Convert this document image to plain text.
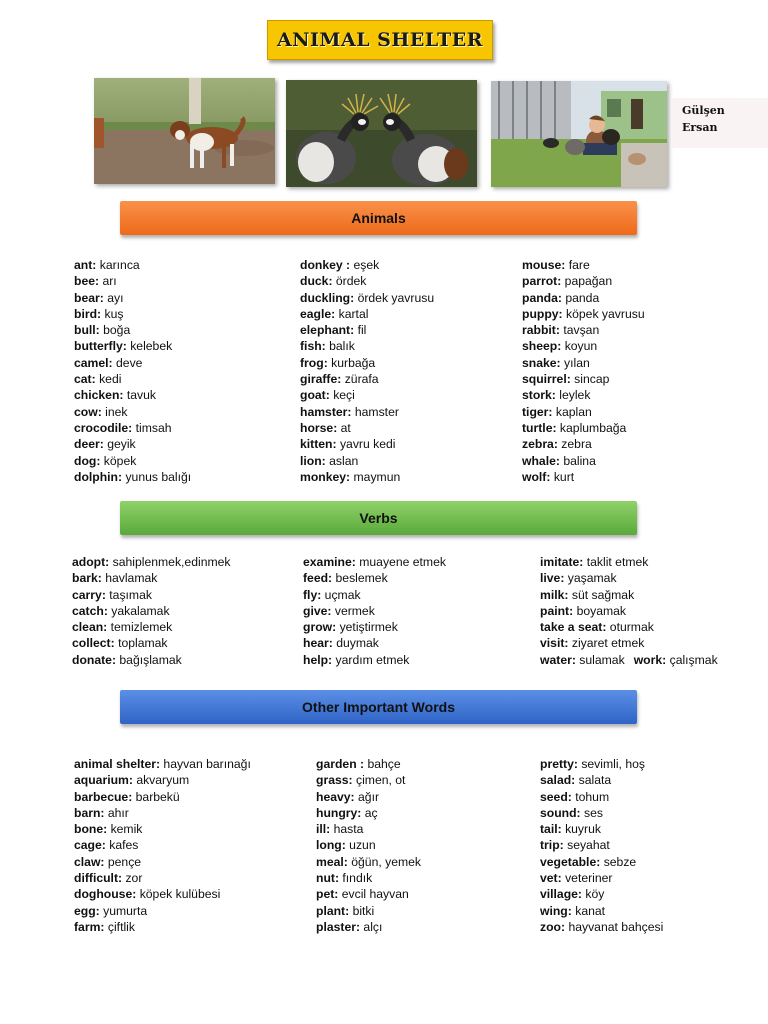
ANIMAL SHELTER
Gülşen
Ersan
Animals
ant: karınca
bee: arı
bear: ayı
bird: kuş
bull: boğa
butterfly: kelebek
camel: deve
cat: kedi
chicken: tavuk
cow: inek
crocodile: timsah
deer: geyik
dog: köpek
dolphin: yunus balığı
donkey : eşek
duck: ördek
duckling: ördek yavrusu
eagle: kartal
elephant: fil
fish: balık
frog: kurbağa
giraffe: zürafa
goat: keçi
hamster: hamster
horse: at
kitten: yavru kedi
lion: aslan
monkey: maymun
mouse: fare
parrot: papağan
panda: panda
puppy: köpek yavrusu
rabbit: tavşan
sheep: koyun
snake: yılan
squirrel: sincap
stork: leylek
tiger: kaplan
turtle: kaplumbağa
zebra: zebra
whale: balina
wolf: kurt
Verbs
adopt: sahiplenmek,edinmek
bark: havlamak
carry: taşımak
catch: yakalamak
clean: temizlemek
collect: toplamak
donate: bağışlamak
examine: muayene etmek
feed: beslemek
fly: uçmak
give: vermek
grow: yetiştirmek
hear: duymak
help: yardım etmek
imitate: taklit etmek
live: yaşamak
milk: süt sağmak
paint: boyamak
take a seat: oturmak
visit: ziyaret etmek
water: sulamak work: çalışmak
Other Important Words
animal shelter: hayvan barınağı
aquarium: akvaryum
barbecue: barbekü
barn: ahır
bone: kemik
cage: kafes
claw: pençe
difficult: zor
doghouse: köpek kulübesi
egg: yumurta
farm: çiftlik
garden : bahçe
grass: çimen, ot
heavy: ağır
hungry: aç
ill: hasta
long: uzun
meal: öğün, yemek
nut: fındık
pet: evcil hayvan
plant: bitki
plaster: alçı
pretty: sevimli, hoş
salad: salata
seed: tohum
sound: ses
tail: kuyruk
trip: seyahat
vegetable: sebze
vet: veteriner
village: köy
wing: kanat
zoo: hayvanat bahçesi
